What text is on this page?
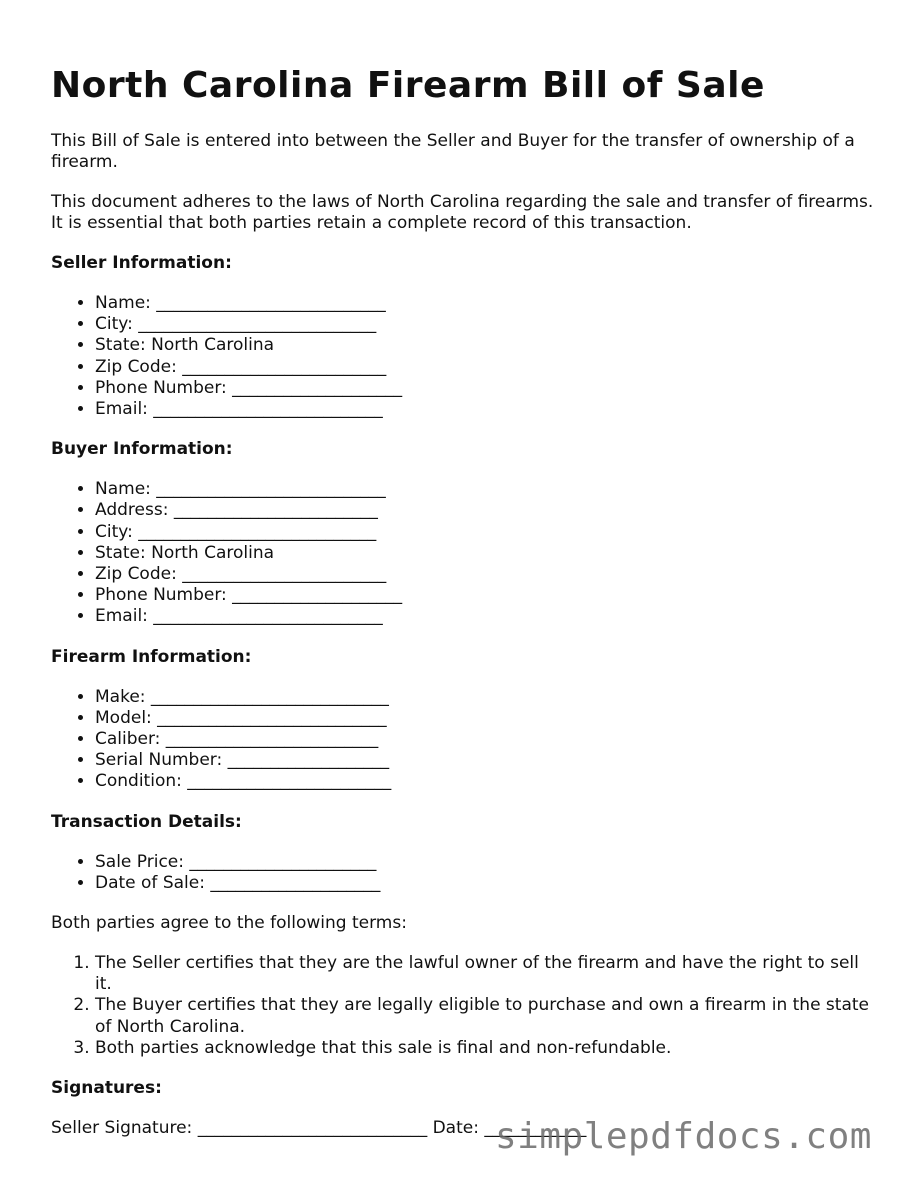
North Carolina Firearm Bill of Sale

This Bill of Sale is entered into between the Seller and Buyer for the transfer of ownership of a firearm.

This document adheres to the laws of North Carolina regarding the sale and transfer of firearms. It is essential that both parties retain a complete record of this transaction.

Seller Information:
• Name: ___________________________
• City: ____________________________
• State: North Carolina
• Zip Code: ________________________
• Phone Number: ____________________
• Email: ___________________________
Buyer Information:
• Name: ___________________________
• Address: ________________________
• City: ____________________________
• State: North Carolina
• Zip Code: ________________________
• Phone Number: ____________________
• Email: ___________________________
Firearm Information:
• Make: ____________________________
• Model: ___________________________
• Caliber: _________________________
• Serial Number: ___________________
• Condition: ________________________
Transaction Details:
• Sale Price: ______________________
• Date of Sale: ____________________

Both parties agree to the following terms:

1. The Seller certifies that they are the lawful owner of the firearm and have the right to sell it.
2. The Buyer certifies that they are legally eligible to purchase and own a firearm in the state of North Carolina.
3. Both parties acknowledge that this sale is final and non-refundable.
Signatures:

Seller Signature: ___________________________ Date: ____________

simplepdfdocs.com
